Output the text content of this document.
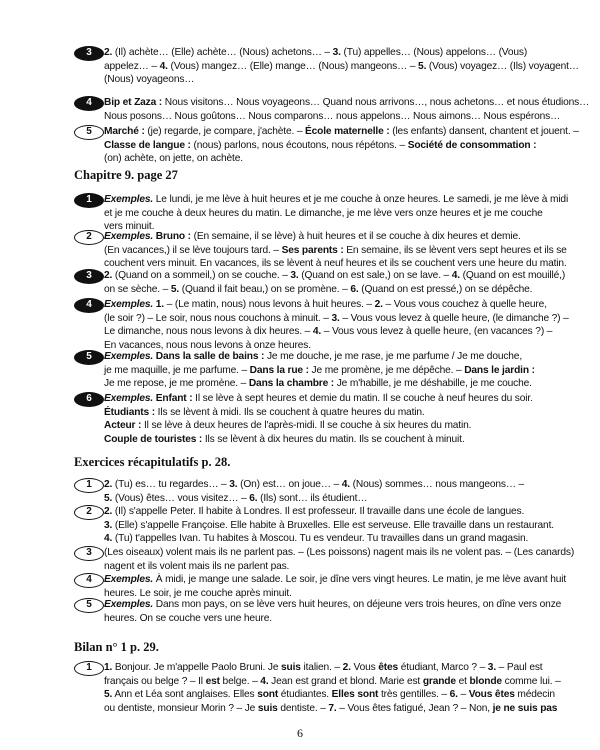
3	2. (Il) achète… (Elle) achète… (Nous) achetons… – 3. (Tu) appelles… (Nous) appelons… (Vous)
appelez… – 4. (Vous) mangez… (Elle) mange… (Nous) mangeons… – 5. (Vous) voyagez… (Ils) voyagent…
(Nous) voyageons…
4	Bip et Zaza : Nous visitons… Nous voyageons… Quand nous arrivons…, nous achetons… et nous étudions…
Nous posons… Nous goûtons… Nous comparons… nous appelons… Nous aimons… Nous espérons…
5	Marché : (je) regarde, je compare, j'achète. – École maternelle : (les enfants) dansent, chantent et jouent. –
Classe de langue : (nous) parlons, nous écoutons, nous répétons. – Société de consommation :
(on) achète, on jette, on achète.
Chapitre 9. page 27
1	Exemples. Le lundi, je me lève à huit heures et je me couche à onze heures. Le samedi, je me lève à midi
et je me couche à deux heures du matin. Le dimanche, je me lève vers onze heures et je me couche
vers minuit.
2	Exemples. Bruno : (En semaine, il se lève) à huit heures et il se couche à dix heures et demie.
(En vacances,) il se lève toujours tard. – Ses parents : En semaine, ils se lèvent vers sept heures et ils se
couchent vers minuit. En vacances, ils se lèvent à neuf heures et ils se couchent vers une heure du matin.
3	2. (Quand on a sommeil,) on se couche. – 3. (Quand on est sale,) on se lave. – 4. (Quand on est mouillé,)
on se sèche. – 5. (Quand il fait beau,) on se promène. – 6. (Quand on est pressé,) on se dépêche.
4	Exemples. 1. – (Le matin, nous) nous levons à huit heures. – 2. – Vous vous couchez à quelle heure,
(le soir ?) – Le soir, nous nous couchons à minuit. – 3. – Vous vous levez à quelle heure, (le dimanche ?) –
Le dimanche, nous nous levons à dix heures. – 4. – Vous vous levez à quelle heure, (en vacances ?) –
En vacances, nous nous levons à onze heures.
5	Exemples. Dans la salle de bains : Je me douche, je me rase, je me parfume / Je me douche,
je me maquille, je me parfume. – Dans la rue : Je me promène, je me dépêche. – Dans le jardin :
Je me repose, je me promène. – Dans la chambre : Je m'habille, je me déshabille, je me couche.
6	Exemples. Enfant : Il se lève à sept heures et demie du matin. Il se couche à neuf heures du soir.
Étudiants : Ils se lèvent à midi. Ils se couchent à quatre heures du matin.
Acteur : Il se lève à deux heures de l'après-midi. Il se couche à six heures du matin.
Couple de touristes : Ils se lèvent à dix heures du matin. Ils se couchent à minuit.
Exercices récapitulatifs p. 28.
1	2. (Tu) es… tu regardes… – 3. (On) est… on joue… – 4. (Nous) sommes… nous mangeons… –
5. (Vous) êtes… vous visitez… – 6. (Ils) sont… ils étudient…
2	2. (Il) s'appelle Peter. Il habite à Londres. Il est professeur. Il travaille dans une école de langues.
3. (Elle) s'appelle Françoise. Elle habite à Bruxelles. Elle est serveuse. Elle travaille dans un restaurant.
4. (Tu) t'appelles Ivan. Tu habites à Moscou. Tu es vendeur. Tu travailles dans un grand magasin.
3	(Les oiseaux) volent mais ils ne parlent pas. – (Les poissons) nagent mais ils ne volent pas. – (Les canards)
nagent et ils volent mais ils ne parlent pas.
4	Exemples. À midi, je mange une salade. Le soir, je dîne vers vingt heures. Le matin, je me lève avant huit
heures. Le soir, je me couche après minuit.
5	Exemples. Dans mon pays, on se lève vers huit heures, on déjeune vers trois heures, on dîne vers onze
heures. On se couche vers une heure.
Bilan n° 1 p. 29.
1	1. Bonjour. Je m'appelle Paolo Bruni. Je suis italien. – 2. Vous êtes étudiant, Marco ? – 3. – Paul est
français ou belge ? – Il est belge. – 4. Jean est grand et blond. Marie est grande et blonde comme lui. –
5. Ann et Léa sont anglaises. Elles sont étudiantes. Elles sont très gentilles. – 6. – Vous êtes médecin
ou dentiste, monsieur Morin ? – Je suis dentiste. – 7. – Vous êtes fatigué, Jean ? – Non, je ne suis pas
6
